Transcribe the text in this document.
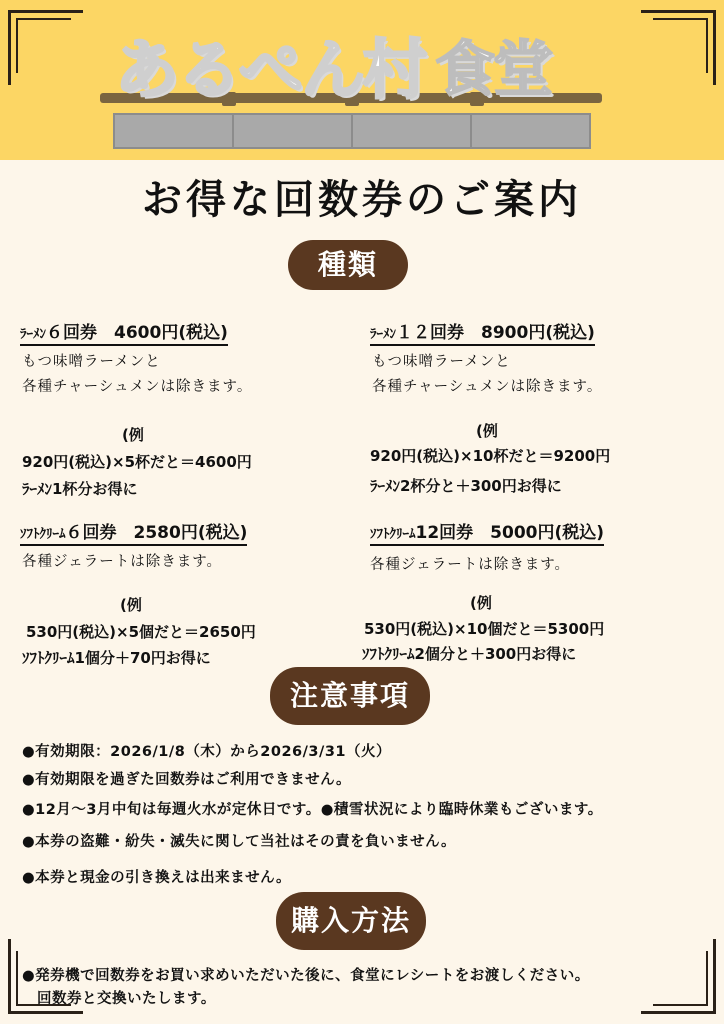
あるぺん村 食堂
お得な回数券のご案内
種類
ﾗｰﾒﾝ６回券　4600円(税込)
もつ味噌ラーメンと
各種チャーシュメンは除きます。
(例
920円(税込)×5杯だと＝4600円
ﾗｰﾒﾝ1杯分お得に
ﾗｰﾒﾝ１２回券　8900円(税込)
もつ味噌ラーメンと
各種チャーシュメンは除きます。
(例
920円(税込)×10杯だと＝9200円
ﾗｰﾒﾝ2杯分と＋300円お得に
ｿﾌﾄｸﾘｰﾑ６回券　2580円(税込)
各種ジェラートは除きます。
(例
530円(税込)×5個だと＝2650円
ｿﾌﾄｸﾘｰﾑ1個分＋70円お得に
ｿﾌﾄｸﾘｰﾑ12回券　5000円(税込)
各種ジェラートは除きます。
(例
530円(税込)×10個だと＝5300円
ｿﾌﾄｸﾘｰﾑ2個分と＋300円お得に
注意事項
●有効期限：2026/1/8（木）から2026/3/31（火）
●有効期限を過ぎた回数券はご利用できません。
●12月～3月中旬は毎週火水が定休日です。●積雪状況により臨時休業もございます。
●本券の盗難・紛失・滅失に関して当社はその責を負いません。
●本券と現金の引き換えは出来ません。
購入方法
●発券機で回数券をお買い求めいただいた後に、食堂にレシートをお渡しください。
　回数券と交換いたします。
